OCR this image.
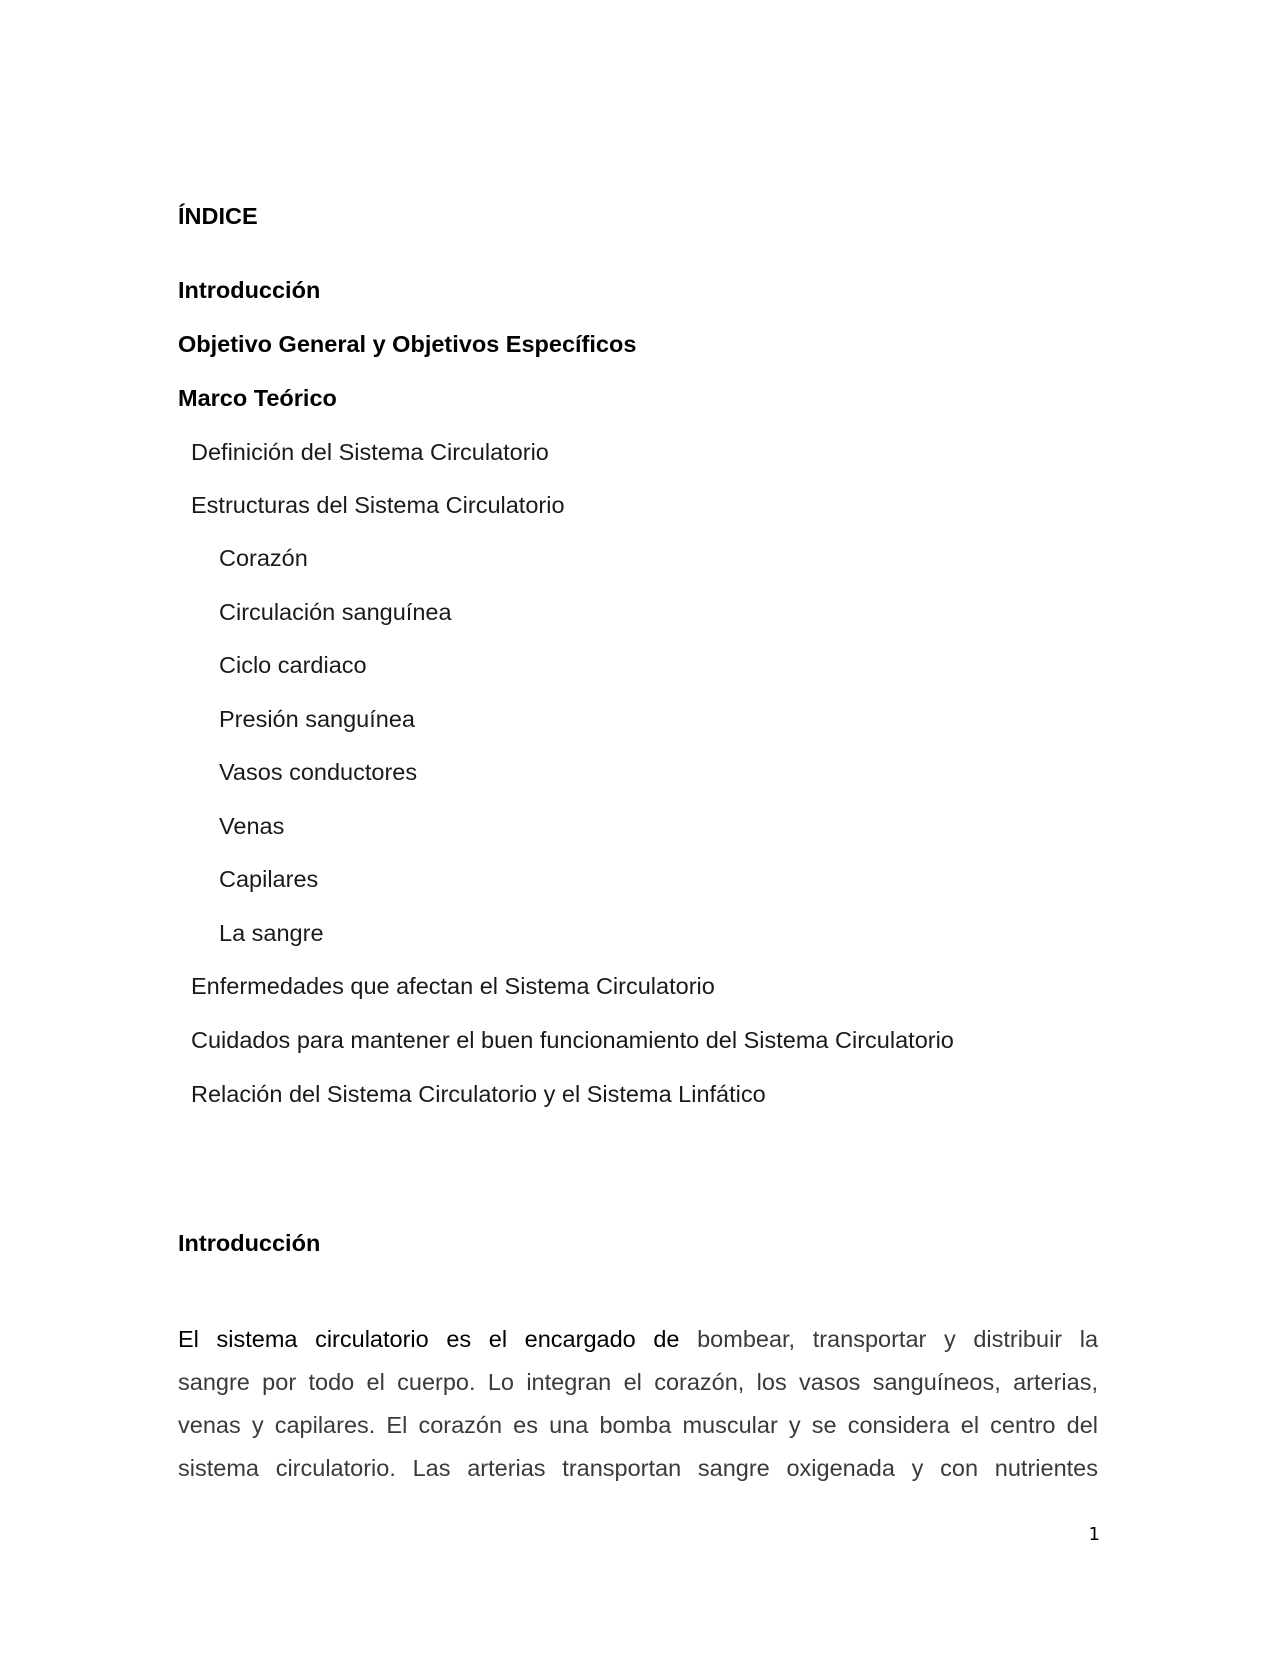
ÍNDICE
Introducción
Objetivo General y Objetivos Específicos
Marco Teórico
Definición del Sistema Circulatorio
Estructuras del Sistema Circulatorio
Corazón
Circulación sanguínea
Ciclo cardiaco
Presión sanguínea
Vasos conductores
Venas
Capilares
La sangre
Enfermedades que afectan el Sistema Circulatorio
Cuidados para mantener el buen funcionamiento del Sistema Circulatorio
Relación del Sistema Circulatorio y el Sistema Linfático
Introducción
El sistema circulatorio es el encargado de bombear, transportar y distribuir la
sangre por todo el cuerpo. Lo integran el corazón, los vasos sanguíneos, arterias,
venas y capilares. El corazón es una bomba muscular y se considera el centro del
sistema circulatorio. Las arterias transportan sangre oxigenada y con nutrientes
1
